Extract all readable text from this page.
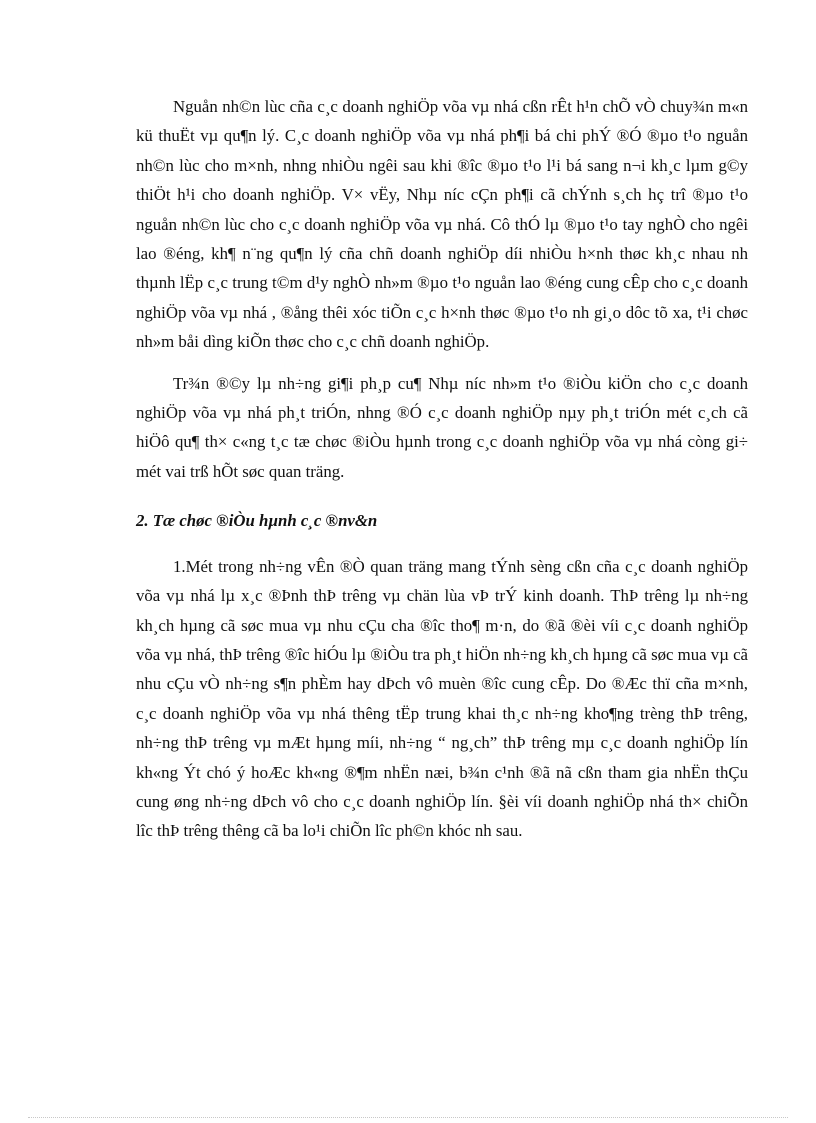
Nguån nh©n lùc cña c¸c doanh nghiÖp võa vµ nhá cßn rÊt h¹n chÕ vÒ chuy¾n m«n kü thuËt vµ qu¶n lý. C¸c doanh nghiÖp võa vµ nhá ph¶i bá chi phÝ ®Ó ®µo t¹o nguån nh©n lùc cho m×nh, nhng nhiÒu ngêi sau khi ®îc ®µo t¹o l¹i bá sang n¬i kh¸c lµm g©y thiÖt h¹i cho doanh nghiÖp. V× vËy, Nhµ níc cÇn ph¶i cã chÝnh s¸ch hç trî ®µo t¹o nguån nh©n lùc cho c¸c doanh nghiÖp võa vµ nhá. Cô thÓ lµ ®µo t¹o tay nghÒ cho ngêi lao ®éng, kh¶ n¨ng qu¶n lý cña chñ doanh nghiÖp díi nhiÒu h×nh thøc kh¸c nhau nh thµnh lËp c¸c trung t©m d¹y nghÒ nh»m ®µo t¹o nguån lao ®éng cung cÊp cho c¸c doanh nghiÖp võa vµ nhá , ®ång thêi xóc tiÕn c¸c h×nh thøc ®µo t¹o nh gi¸o dôc tõ xa, t¹i chøc nh»m båi dìng kiÕn thøc cho c¸c chñ doanh nghiÖp.

Tr¾n ®©y lµ nh÷ng gi¶i ph¸p cu¶ Nhµ níc nh»m t¹o ®iÒu kiÖn cho c¸c doanh nghiÖp võa vµ nhá ph¸t triÓn, nhng ®Ó c¸c doanh nghiÖp nµy ph¸t triÓn mét c¸ch cã hiÖô qu¶ th× c«ng t¸c tæ chøc ®iÒu hµnh trong c¸c doanh nghiÖp võa vµ nhá còng gi÷ mét vai trß hÕt søc quan träng.

2. Tæ chøc ®iÒu hµnh c¸c ®nv&n

1.Mét trong nh÷ng vÊn ®Ò quan träng mang tÝnh sèng cßn cña c¸c doanh nghiÖp võa vµ nhá lµ x¸c ®Þnh thÞ trêng vµ chän lùa vÞ trÝ kinh doanh. ThÞ trêng lµ nh÷ng kh¸ch hµng cã søc mua vµ nhu cÇu cha ®îc tho¶ m·n, do ®ã ®èi víi c¸c doanh nghiÖp võa vµ nhá, thÞ trêng ®îc hiÓu lµ ®iÒu tra ph¸t hiÖn nh÷ng kh¸ch hµng cã søc mua vµ cã nhu cÇu vÒ nh÷ng s¶n phÈm hay dÞch vô muèn ®îc cung cÊp. Do ®Æc thï cña m×nh, c¸c doanh nghiÖp võa vµ nhá thêng tËp trung khai th¸c nh÷ng kho¶ng trèng thÞ trêng, nh÷ng thÞ trêng vµ mÆt hµng míi, nh÷ng “ ng¸ch” thÞ trêng mµ c¸c doanh nghiÖp lín kh«ng Ýt chó ý hoÆc kh«ng ®¶m nhËn næi, b¾n c¹nh ®ã nã cßn tham gia nhËn thÇu cung øng nh÷ng dÞch vô cho c¸c doanh nghiÖp lín. §èi víi doanh nghiÖp nhá th× chiÕn lîc thÞ trêng thêng cã ba lo¹i chiÕn lîc ph©n khóc nh sau.
